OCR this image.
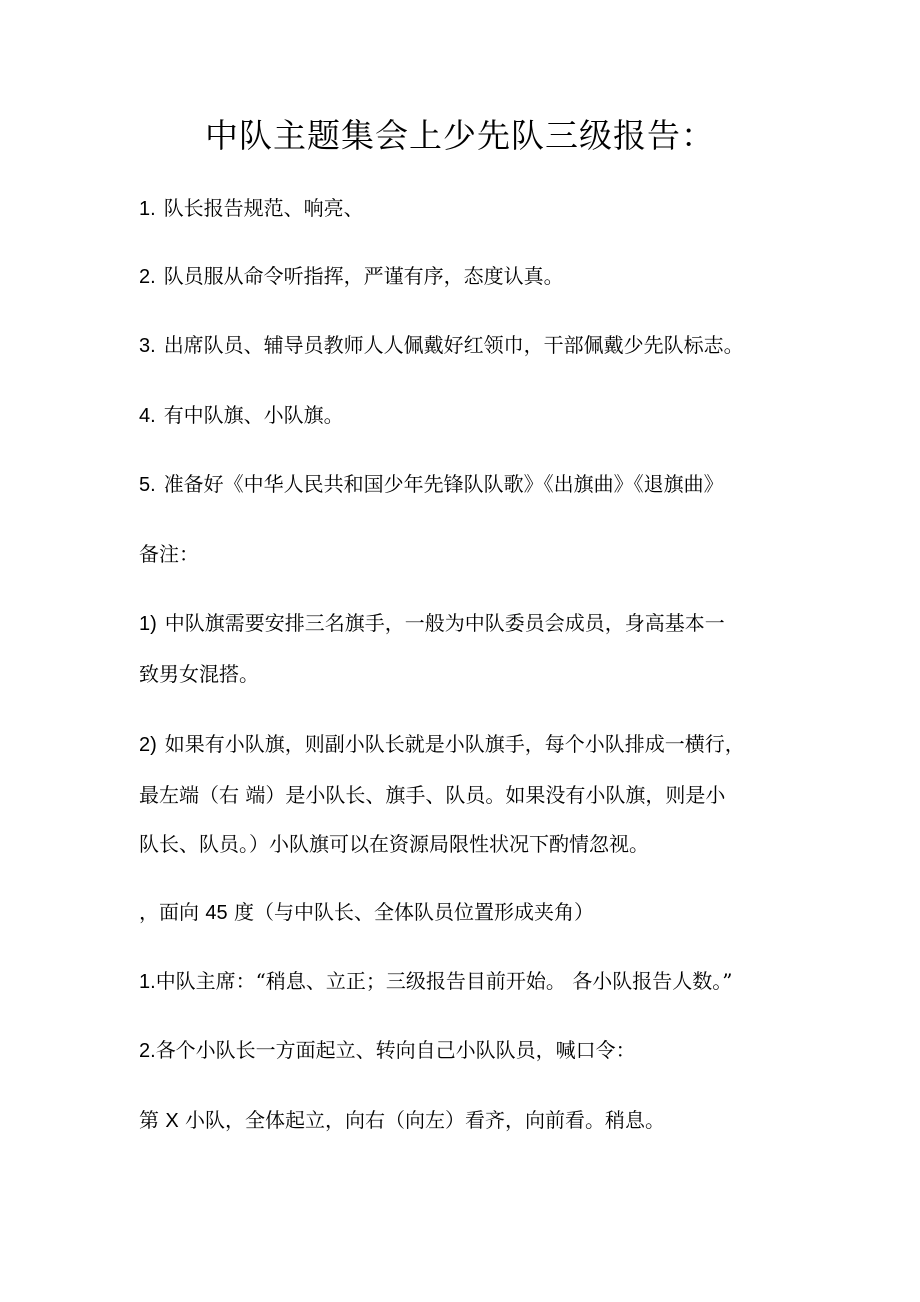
中队主题集会上少先队三级报告：

1. 队长报告规范、响亮、

2. 队员服从命令听指挥，严谨有序，态度认真。

3. 出席队员、辅导员教师人人佩戴好红领巾，干部佩戴少先队标志。

4. 有中队旗、小队旗。

5. 准备好《中华人民共和国少年先锋队队歌》《出旗曲》《退旗曲》

备注：

1) 中队旗需要安排三名旗手，一般为中队委员会成员，身高基本一

致男女混搭。

2) 如果有小队旗，则副小队长就是小队旗手，每个小队排成一横行，

最左端（右 端）是小队长、旗手、队员。如果没有小队旗，则是小

队长、队员。）小队旗可以在资源局限性状况下酌情忽视。

，面向 45 度（与中队长、全体队员位置形成夹角）

1.中队主席：“稍息、立正；三级报告目前开始。 各小队报告人数。”

2.各个小队长一方面起立、转向自己小队队员，喊口令：

第 X 小队，全体起立，向右（向左）看齐，向前看。稍息。
